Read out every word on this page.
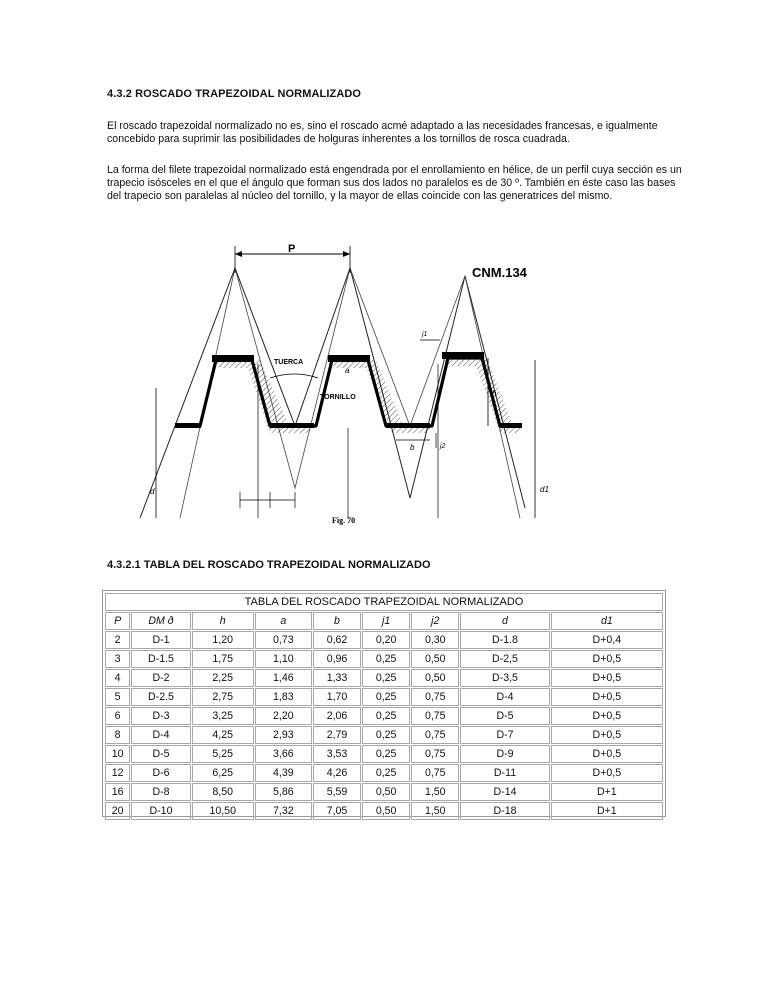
4.3.2 ROSCADO TRAPEZOIDAL NORMALIZADO
El roscado trapezoidal normalizado no es, sino el roscado acmé adaptado a las necesidades francesas, e igualmente concebido para suprimir las posibilidades de holguras inherentes a los tornillos de rosca cuadrada.
La forma del filete trapezoidal normalizado está engendrada por el enrollamiento en hélice, de un perfil cuya sección es un trapecio isósceles en el que el ángulo que forman sus dos lados no paralelos es de 30 º. También en éste caso las bases del trapecio son paralelas al núcleo del tornillo, y la mayor de ellas coincide con las generatrices del mismo.
P
CNM.134
TUERCA
TORNILLO
a
b
h
j1
j2
d	d1
Fig. 70
4.3.2.1 TABLA DEL ROSCADO TRAPEZOIDAL NORMALIZADO
TABLA DEL ROSCADO TRAPEZOIDAL NORMALIZADO								
P	DM ð	h	a	b	j1	j2	d	d1
2	D-1	1,20	0,73	0,62	0,20	0,30	D-1.8	D+0,4
3	D-1.5	1,75	1,10	0,96	0,25	0,50	D-2,5	D+0,5
4	D-2	2,25	1,46	1,33	0,25	0,50	D-3,5	D+0,5
5	D-2.5	2,75	1,83	1,70	0,25	0,75	D-4	D+0,5
6	D-3	3,25	2,20	2,06	0,25	0,75	D-5	D+0,5
8	D-4	4,25	2,93	2,79	0,25	0,75	D-7	D+0,5
10	D-5	5,25	3,66	3,53	0,25	0,75	D-9	D+0,5
12	D-6	6,25	4,39	4,26	0,25	0,75	D-11	D+0,5
16	D-8	8,50	5,86	5,59	0,50	1,50	D-14	D+1
20	D-10	10,50	7,32	7,05	0,50	1,50	D-18	D+1
